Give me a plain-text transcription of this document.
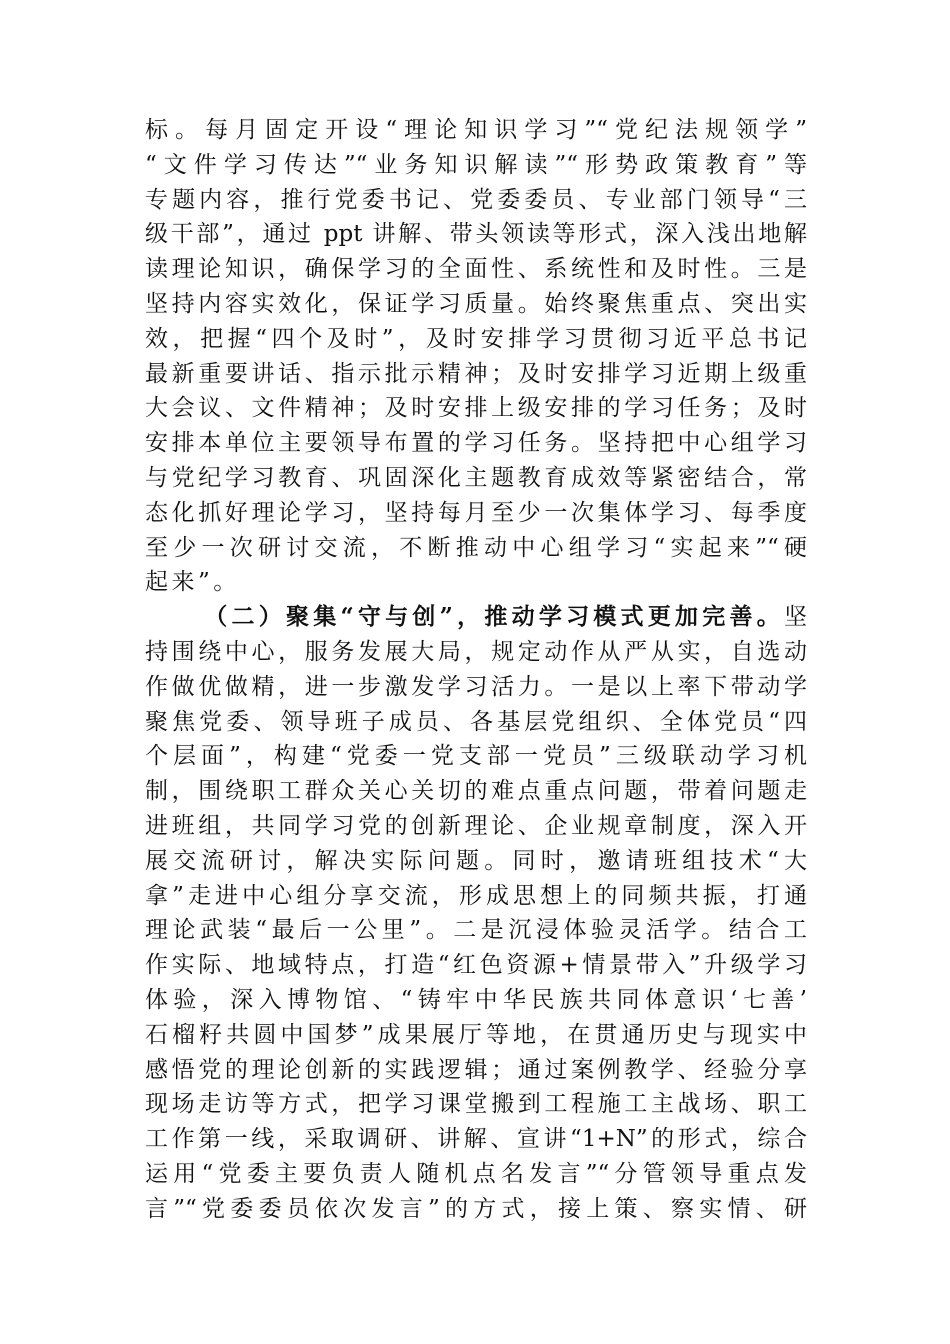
标。每月固定开设“理论知识学习”“党纪法规领学”
“文件学习传达”“业务知识解读”“形势政策教育”等
专题内容，推行党委书记、党委委员、专业部门领导“三
级干部”，通过 ppt 讲解、带头领读等形式，深入浅出地解
读理论知识，确保学习的全面性、系统性和及时性。三是
坚持内容实效化，保证学习质量。始终聚焦重点、突出实
效，把握“四个及时”，及时安排学习贯彻习近平总书记
最新重要讲话、指示批示精神；及时安排学习近期上级重
大会议、文件精神；及时安排上级安排的学习任务；及时
安排本单位主要领导布置的学习任务。坚持把中心组学习
与党纪学习教育、巩固深化主题教育成效等紧密结合，常
态化抓好理论学习，坚持每月至少一次集体学习、每季度
至少一次研讨交流，不断推动中心组学习“实起来”“硬
起来”。
（二）聚集“守与创”，推动学习模式更加完善。坚
持围绕中心，服务发展大局，规定动作从严从实，自选动
作做优做精，进一步激发学习活力。一是以上率下带动学
聚焦党委、领导班子成员、各基层党组织、全体党员“四
个层面”，构建“党委一党支部一党员”三级联动学习机
制，围绕职工群众关心关切的难点重点问题，带着问题走
进班组，共同学习党的创新理论、企业规章制度，深入开
展交流研讨，解决实际问题。同时，邀请班组技术“大
拿”走进中心组分享交流，形成思想上的同频共振，打通
理论武装“最后一公里”。二是沉浸体验灵活学。结合工
作实际、地域特点，打造“红色资源+情景带入”升级学习
体验，深入博物馆、“铸牢中华民族共同体意识‘七善’
石榴籽共圆中国梦”成果展厅等地，在贯通历史与现实中
感悟党的理论创新的实践逻辑；通过案例教学、经验分享
现场走访等方式，把学习课堂搬到工程施工主战场、职工
工作第一线，采取调研、讲解、宣讲“1+N”的形式，综合
运用“党委主要负责人随机点名发言”“分管领导重点发
言”“党委委员依次发言”的方式，接上策、察实情、研
